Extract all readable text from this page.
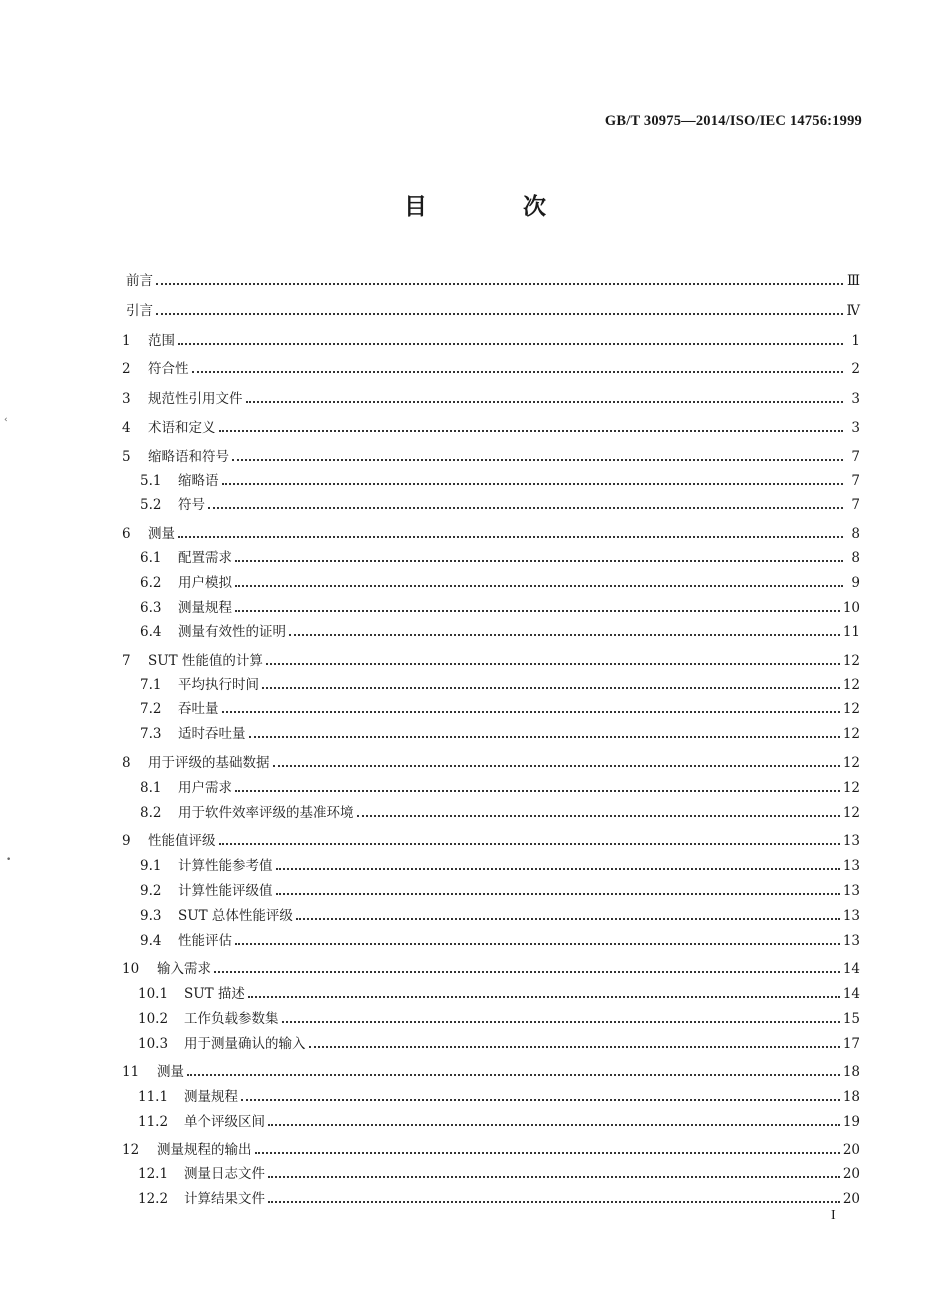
GB/T 30975—2014/ISO/IEC 14756:1999
目 次
前言	Ⅲ
引言	Ⅳ
1	范围	1
2	符合性	2
3	规范性引用文件	3
4	术语和定义	3
5	缩略语和符号	7
5.1	缩略语	7
5.2	符号	7
6	测量	8
6.1	配置需求	8
6.2	用户模拟	9
6.3	测量规程	10
6.4	测量有效性的证明	11
7	SUT 性能值的计算	12
7.1	平均执行时间	12
7.2	吞吐量	12
7.3	适时吞吐量	12
8	用于评级的基础数据	12
8.1	用户需求	12
8.2	用于软件效率评级的基准环境	12
9	性能值评级	13
9.1	计算性能参考值	13
9.2	计算性能评级值	13
9.3	SUT 总体性能评级	13
9.4	性能评估	13
10	输入需求	14
10.1	SUT 描述	14
10.2	工作负载参数集	15
10.3	用于测量确认的输入	17
11	测量	18
11.1	测量规程	18
11.2	单个评级区间	19
12	测量规程的输出	20
12.1	测量日志文件	20
12.2	计算结果文件	20
I
‹
•
